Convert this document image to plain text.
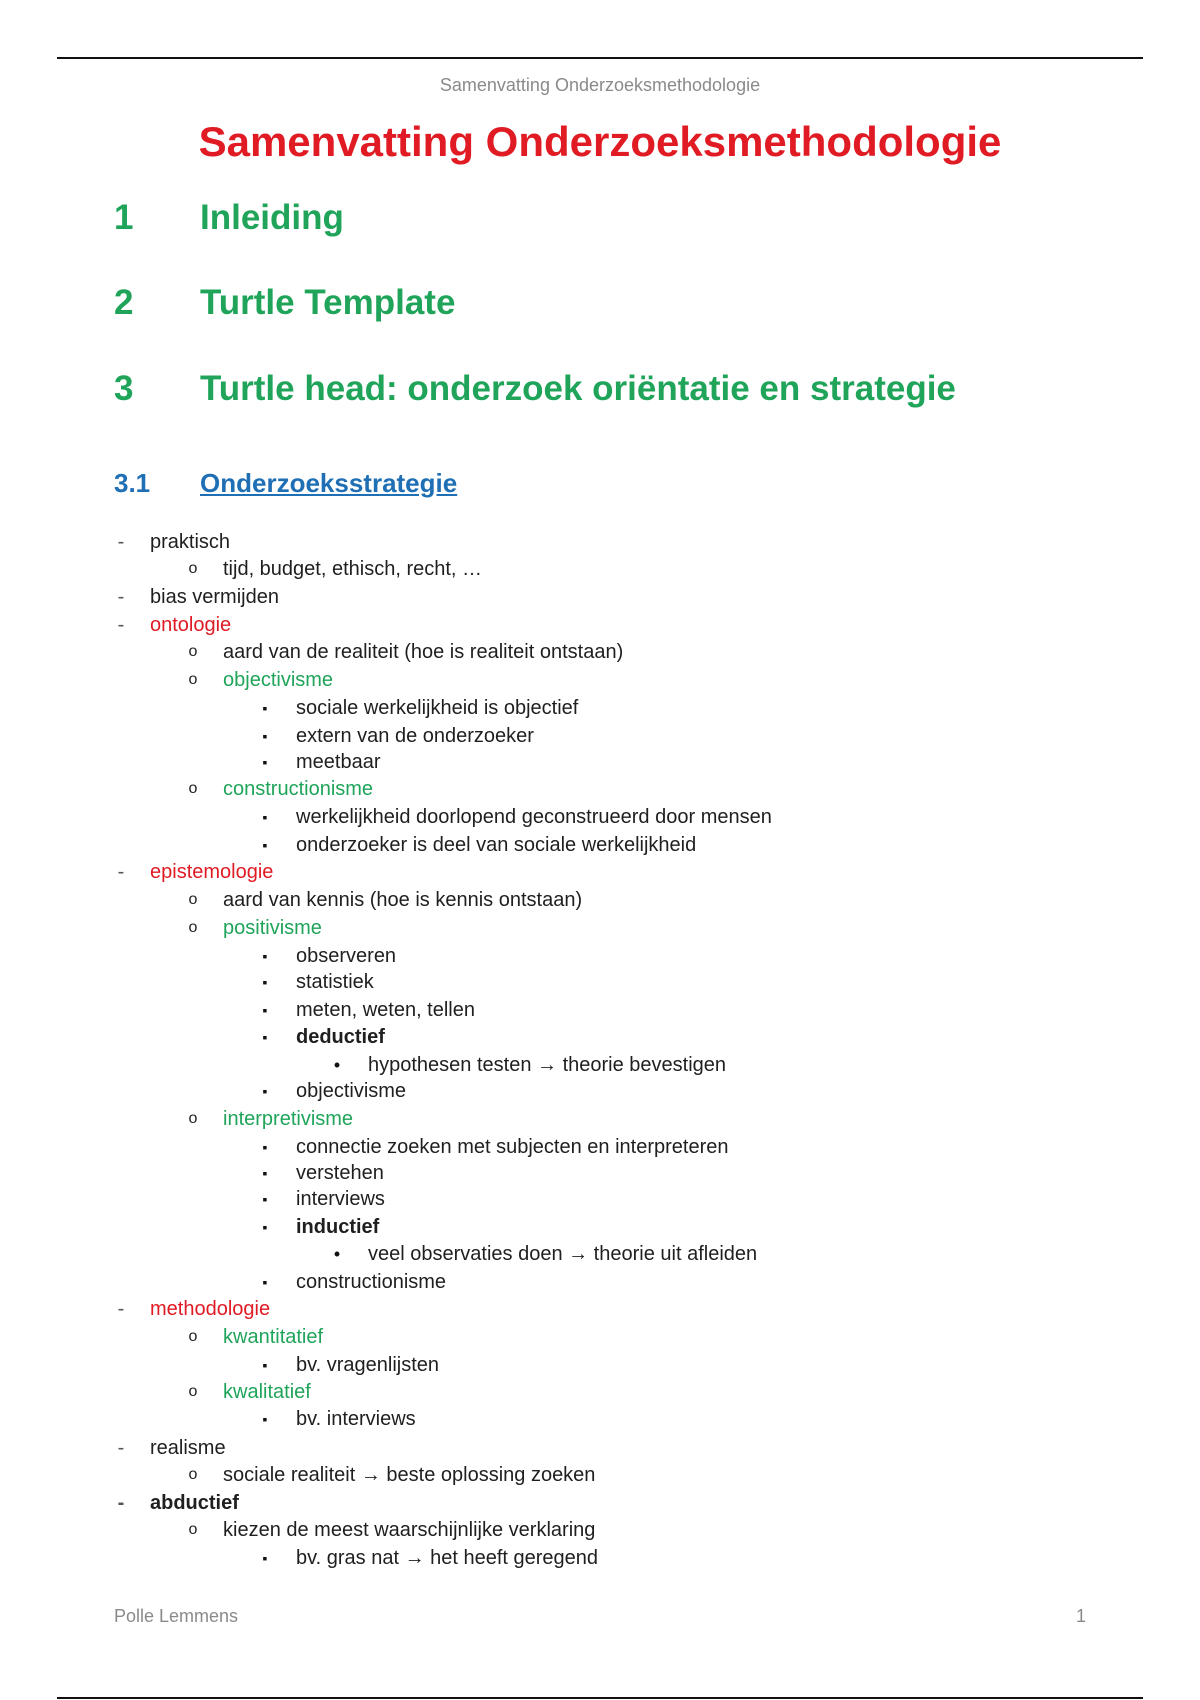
Samenvatting Onderzoeksmethodologie
Samenvatting Onderzoeksmethodologie
1 Inleiding
2 Turtle Template
3 Turtle head: onderzoek oriëntatie en strategie
3.1 Onderzoeksstrategie
- praktisch
o tijd, budget, ethisch, recht, …
- bias vermijden
- ontologie
o aard van de realiteit (hoe is realiteit ontstaan)
o objectivisme
▪ sociale werkelijkheid is objectief
▪ extern van de onderzoeker
▪ meetbaar
o constructionisme
▪ werkelijkheid doorlopend geconstrueerd door mensen
▪ onderzoeker is deel van sociale werkelijkheid
- epistemologie
o aard van kennis (hoe is kennis ontstaan)
o positivisme
▪ observeren
▪ statistiek
▪ meten, weten, tellen
▪ deductief
• hypothesen testen → theorie bevestigen
▪ objectivisme
o interpretivisme
▪ connectie zoeken met subjecten en interpreteren
▪ verstehen
▪ interviews
▪ inductief
• veel observaties doen → theorie uit afleiden
▪ constructionisme
- methodologie
o kwantitatief
▪ bv. vragenlijsten
o kwalitatief
▪ bv. interviews
- realisme
o sociale realiteit → beste oplossing zoeken
- abductief
o kiezen de meest waarschijnlijke verklaring
▪ bv. gras nat → het heeft geregend
Polle Lemmens	1
